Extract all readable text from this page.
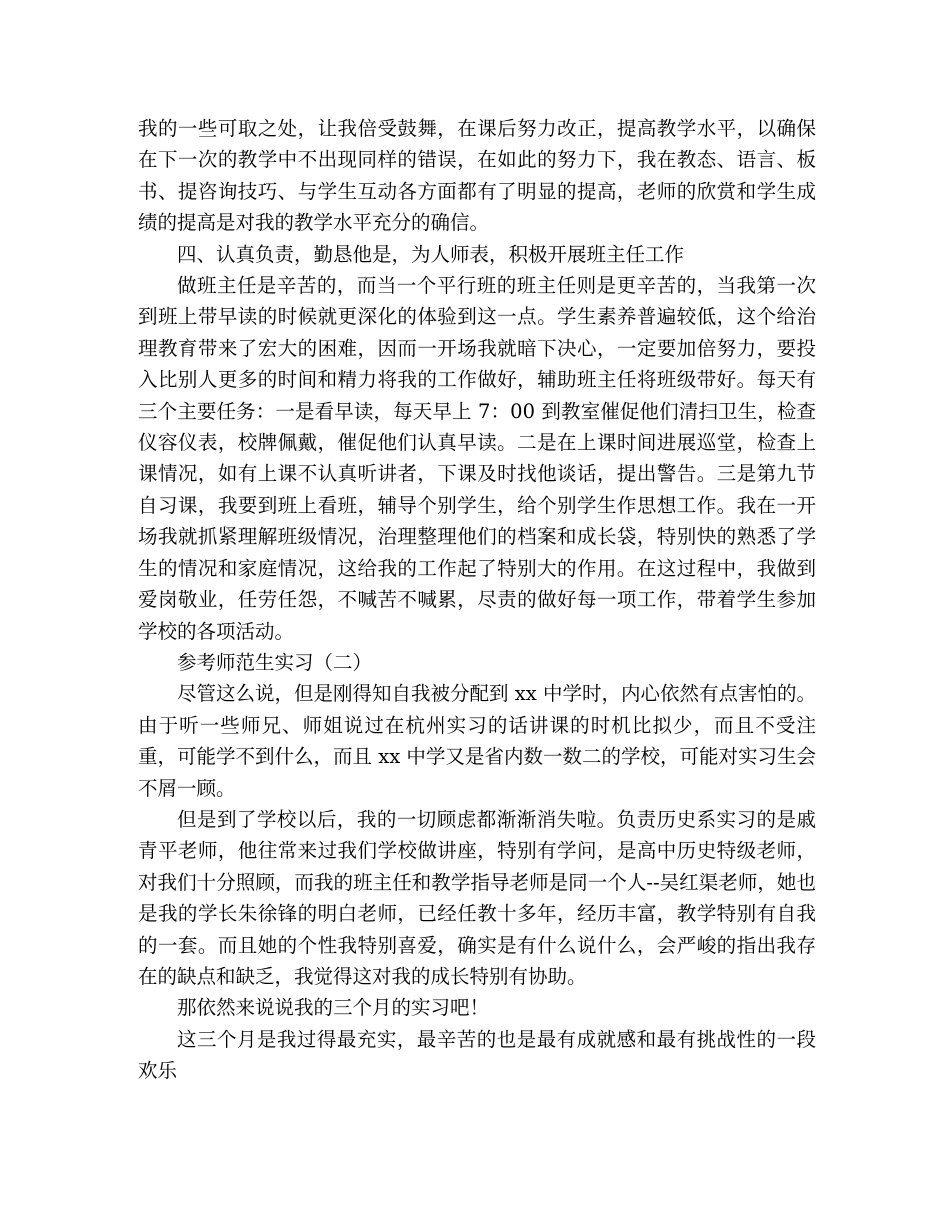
我的一些可取之处，让我倍受鼓舞，在课后努力改正，提高教学水平，以确保在下一次的教学中不出现同样的错误，在如此的努力下，我在教态、语言、板书、提咨询技巧、与学生互动各方面都有了明显的提高，老师的欣赏和学生成绩的提高是对我的教学水平充分的确信。

四、认真负责，勤恳他是，为人师表，积极开展班主任工作

做班主任是辛苦的，而当一个平行班的班主任则是更辛苦的，当我第一次到班上带早读的时候就更深化的体验到这一点。学生素养普遍较低，这个给治理教育带来了宏大的困难，因而一开场我就暗下决心，一定要加倍努力，要投入比别人更多的时间和精力将我的工作做好，辅助班主任将班级带好。每天有三个主要任务：一是看早读，每天早上 7：00 到教室催促他们清扫卫生，检查仪容仪表，校牌佩戴，催促他们认真早读。二是在上课时间进展巡堂，检查上课情况，如有上课不认真听讲者，下课及时找他谈话，提出警告。三是第九节自习课，我要到班上看班，辅导个别学生，给个别学生作思想工作。我在一开场我就抓紧理解班级情况，治理整理他们的档案和成长袋，特别快的熟悉了学生的情况和家庭情况，这给我的工作起了特别大的作用。在这过程中，我做到爱岗敬业，任劳任怨，不喊苦不喊累，尽责的做好每一项工作，带着学生参加学校的各项活动。

参考师范生实习（二）

尽管这么说，但是刚得知自我被分配到 xx 中学时，内心依然有点害怕的。由于听一些师兄、师姐说过在杭州实习的话讲课的时机比拟少，而且不受注重，可能学不到什么，而且 xx 中学又是省内数一数二的学校，可能对实习生会不屑一顾。

但是到了学校以后，我的一切顾虑都渐渐消失啦。负责历史系实习的是戚青平老师，他往常来过我们学校做讲座，特别有学问，是高中历史特级老师，对我们十分照顾，而我的班主任和教学指导老师是同一个人--吴红渠老师，她也是我的学长朱徐锋的明白老师，已经任教十多年，经历丰富，教学特别有自我的一套。而且她的个性我特别喜爱，确实是有什么说什么，会严峻的指出我存在的缺点和缺乏，我觉得这对我的成长特别有协助。

那依然来说说我的三个月的实习吧！

这三个月是我过得最充实，最辛苦的也是最有成就感和最有挑战性的一段欢乐
